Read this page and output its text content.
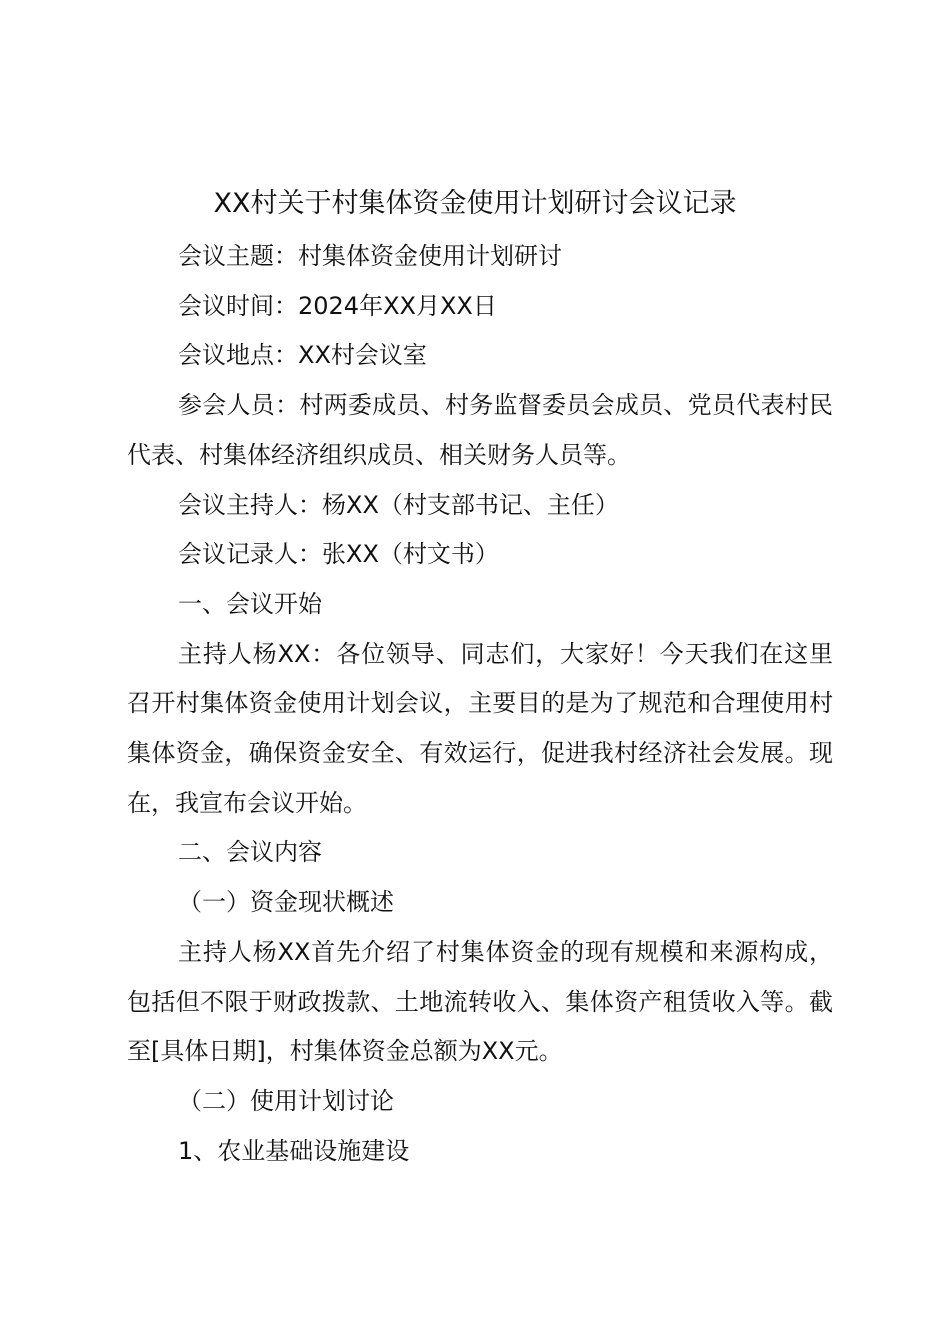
XX村关于村集体资金使用计划研讨会议记录

会议主题：村集体资金使用计划研讨

会议时间：2024年XX月XX日

会议地点：XX村会议室

参会人员：村两委成员、村务监督委员会成员、党员代表村民代表、村集体经济组织成员、相关财务人员等。

会议主持人：杨XX（村支部书记、主任）

会议记录人：张XX（村文书）

一、会议开始

主持人杨XX：各位领导、同志们，大家好！今天我们在这里召开村集体资金使用计划会议，主要目的是为了规范和合理使用村集体资金，确保资金安全、有效运行，促进我村经济社会发展。现在，我宣布会议开始。

二、会议内容

（一）资金现状概述

主持人杨XX首先介绍了村集体资金的现有规模和来源构成，包括但不限于财政拨款、土地流转收入、集体资产租赁收入等。截至[具体日期]，村集体资金总额为XX元。

（二）使用计划讨论

1、农业基础设施建设
